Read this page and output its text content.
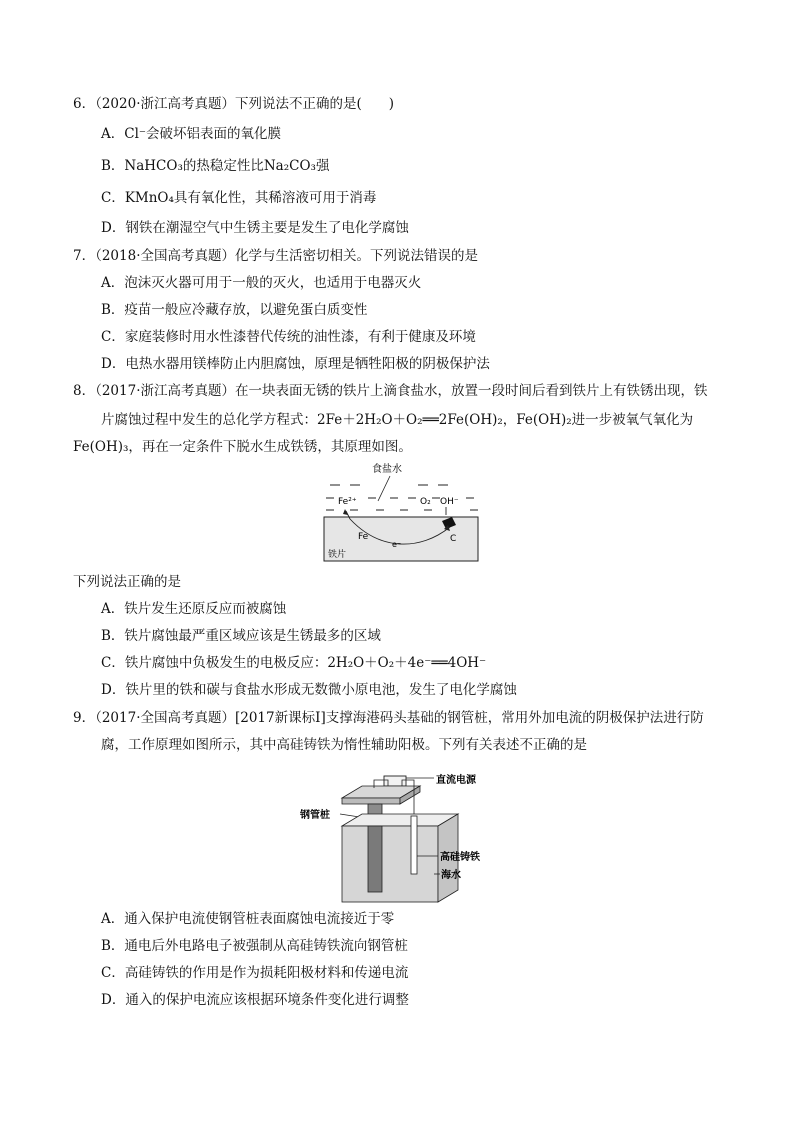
6．（2020·浙江高考真题）下列说法不正确的是(　　)
A．Cl⁻会破坏铝表面的氧化膜
B．NaHCO₃的热稳定性比Na₂CO₃强
C．KMnO₄具有氧化性，其稀溶液可用于消毒
D．钢铁在潮湿空气中生锈主要是发生了电化学腐蚀
7．（2018·全国高考真题）化学与生活密切相关。下列说法错误的是
A．泡沫灭火器可用于一般的灭火，也适用于电器灭火
B．疫苗一般应冷藏存放，以避免蛋白质变性
C．家庭装修时用水性漆替代传统的油性漆，有利于健康及环境
D．电热水器用镁棒防止内胆腐蚀，原理是牺牲阳极的阴极保护法
8．（2017·浙江高考真题）在一块表面无锈的铁片上滴食盐水，放置一段时间后看到铁片上有铁锈出现，铁
片腐蚀过程中发生的总化学方程式：2Fe＋2H₂O＋O₂══2Fe(OH)₂，Fe(OH)₂进一步被氧气氧化为
Fe(OH)₃，再在一定条件下脱水生成铁锈，其原理如图。
食盐水
Fe²⁺	O₂ OH⁻
Fe
e⁻
C
铁片
下列说法正确的是
A．铁片发生还原反应而被腐蚀
B．铁片腐蚀最严重区域应该是生锈最多的区域
C．铁片腐蚀中负极发生的电极反应：2H₂O＋O₂＋4e⁻══4OH⁻
D．铁片里的铁和碳与食盐水形成无数微小原电池，发生了电化学腐蚀
9．（2017·全国高考真题）[2017新课标Ⅰ]支撑海港码头基础的钢管桩，常用外加电流的阴极保护法进行防
腐，工作原理如图所示，其中高硅铸铁为惰性辅助阳极。下列有关表述不正确的是
直流电源
钢管桩
高硅铸铁
海水
A．通入保护电流使钢管桩表面腐蚀电流接近于零
B．通电后外电路电子被强制从高硅铸铁流向钢管桩
C．高硅铸铁的作用是作为损耗阳极材料和传递电流
D．通入的保护电流应该根据环境条件变化进行调整
